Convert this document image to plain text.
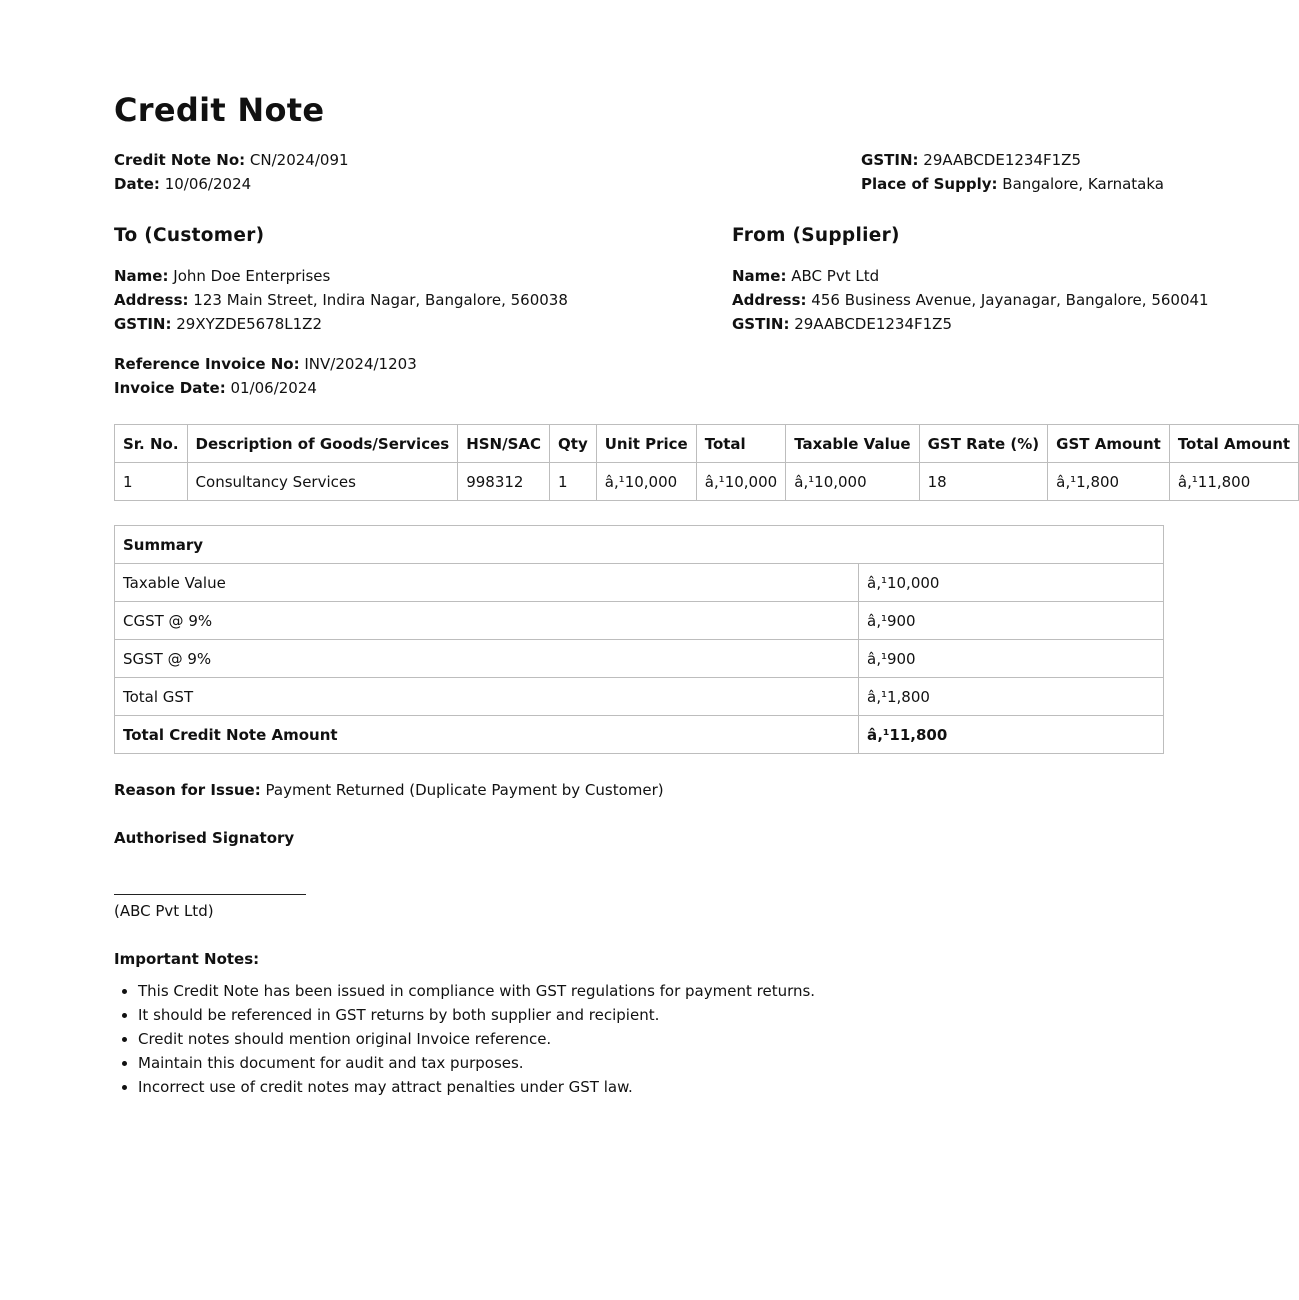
Credit Note
Credit Note No: CN/2024/091
Date: 10/06/2024
GSTIN: 29AABCDE1234F1Z5
Place of Supply: Bangalore, Karnataka
To (Customer)
Name: John Doe Enterprises
Address: 123 Main Street, Indira Nagar, Bangalore, 560038
GSTIN: 29XYZDE5678L1Z2
From (Supplier)
Name: ABC Pvt Ltd
Address: 456 Business Avenue, Jayanagar, Bangalore, 560041
GSTIN: 29AABCDE1234F1Z5
Reference Invoice No: INV/2024/1203
Invoice Date: 01/06/2024
Sr. No.	Description of Goods/Services	HSN/SAC	Qty	Unit Price	Total	Taxable Value	GST Rate (%)	GST Amount	Total Amount
1	Consultancy Services	998312	1	â‚¹10,000	â‚¹10,000	â‚¹10,000	18	â‚¹1,800	â‚¹11,800
Summary	
Taxable Value	â‚¹10,000
CGST @ 9%	â‚¹900
SGST @ 9%	â‚¹900
Total GST	â‚¹1,800
Total Credit Note Amount	â‚¹11,800
Reason for Issue: Payment Returned (Duplicate Payment by Customer)
Authorised Signatory
(ABC Pvt Ltd)
Important Notes:
• This Credit Note has been issued in compliance with GST regulations for payment returns.
• It should be referenced in GST returns by both supplier and recipient.
• Credit notes should mention original Invoice reference.
• Maintain this document for audit and tax purposes.
• Incorrect use of credit notes may attract penalties under GST law.
